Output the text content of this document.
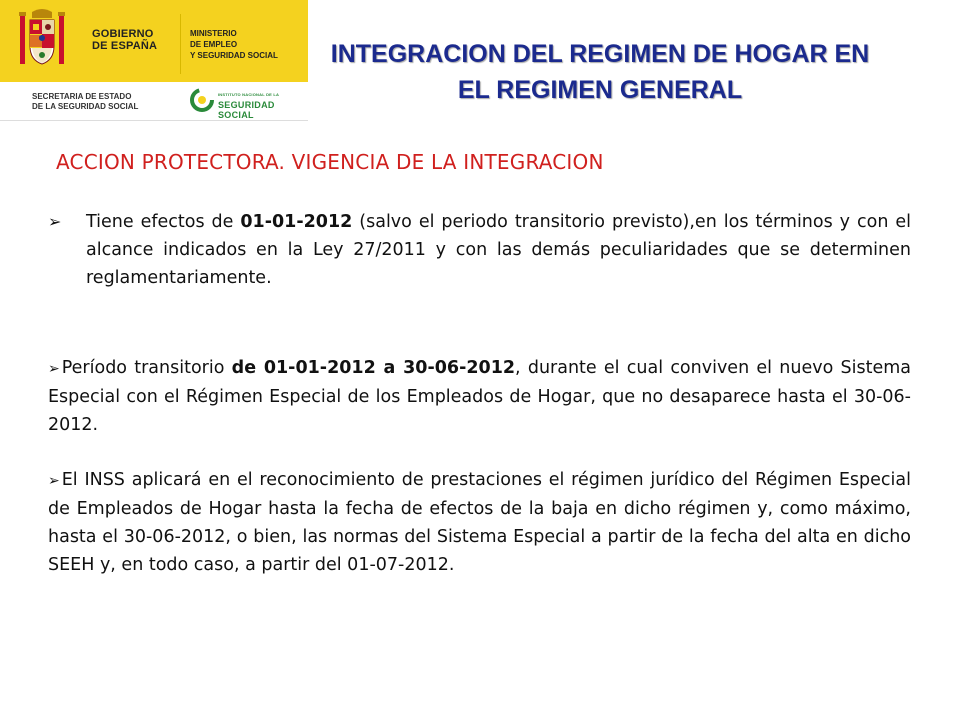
GOBIERNO
DE ESPAÑA
MINISTERIO
DE EMPLEO
Y SEGURIDAD SOCIAL
SECRETARIA DE ESTADO
DE LA SEGURIDAD SOCIAL
INSTITUTO NACIONAL DE LA
SEGURIDAD SOCIAL
INTEGRACION DEL REGIMEN DE HOGAR EN
EL REGIMEN GENERAL
ACCION PROTECTORA. VIGENCIA DE LA INTEGRACION
➢ Tiene efectos de 01-01-2012 (salvo el periodo transitorio previsto),en los términos y con el alcance indicados en la Ley 27/2011 y con las demás peculiaridades que se determinen reglamentariamente.
➢ Período transitorio de 01-01-2012 a 30-06-2012, durante el cual conviven el nuevo Sistema Especial con el Régimen Especial de los Empleados de Hogar, que no desaparece hasta el 30-06-2012.
➢ El INSS aplicará en el reconocimiento de prestaciones el régimen jurídico del Régimen Especial de Empleados de Hogar hasta la fecha de efectos de la baja en dicho régimen y, como máximo, hasta el 30-06-2012, o bien, las normas del Sistema Especial a partir de la fecha del alta en dicho SEEH y, en todo caso, a partir del 01-07-2012.
